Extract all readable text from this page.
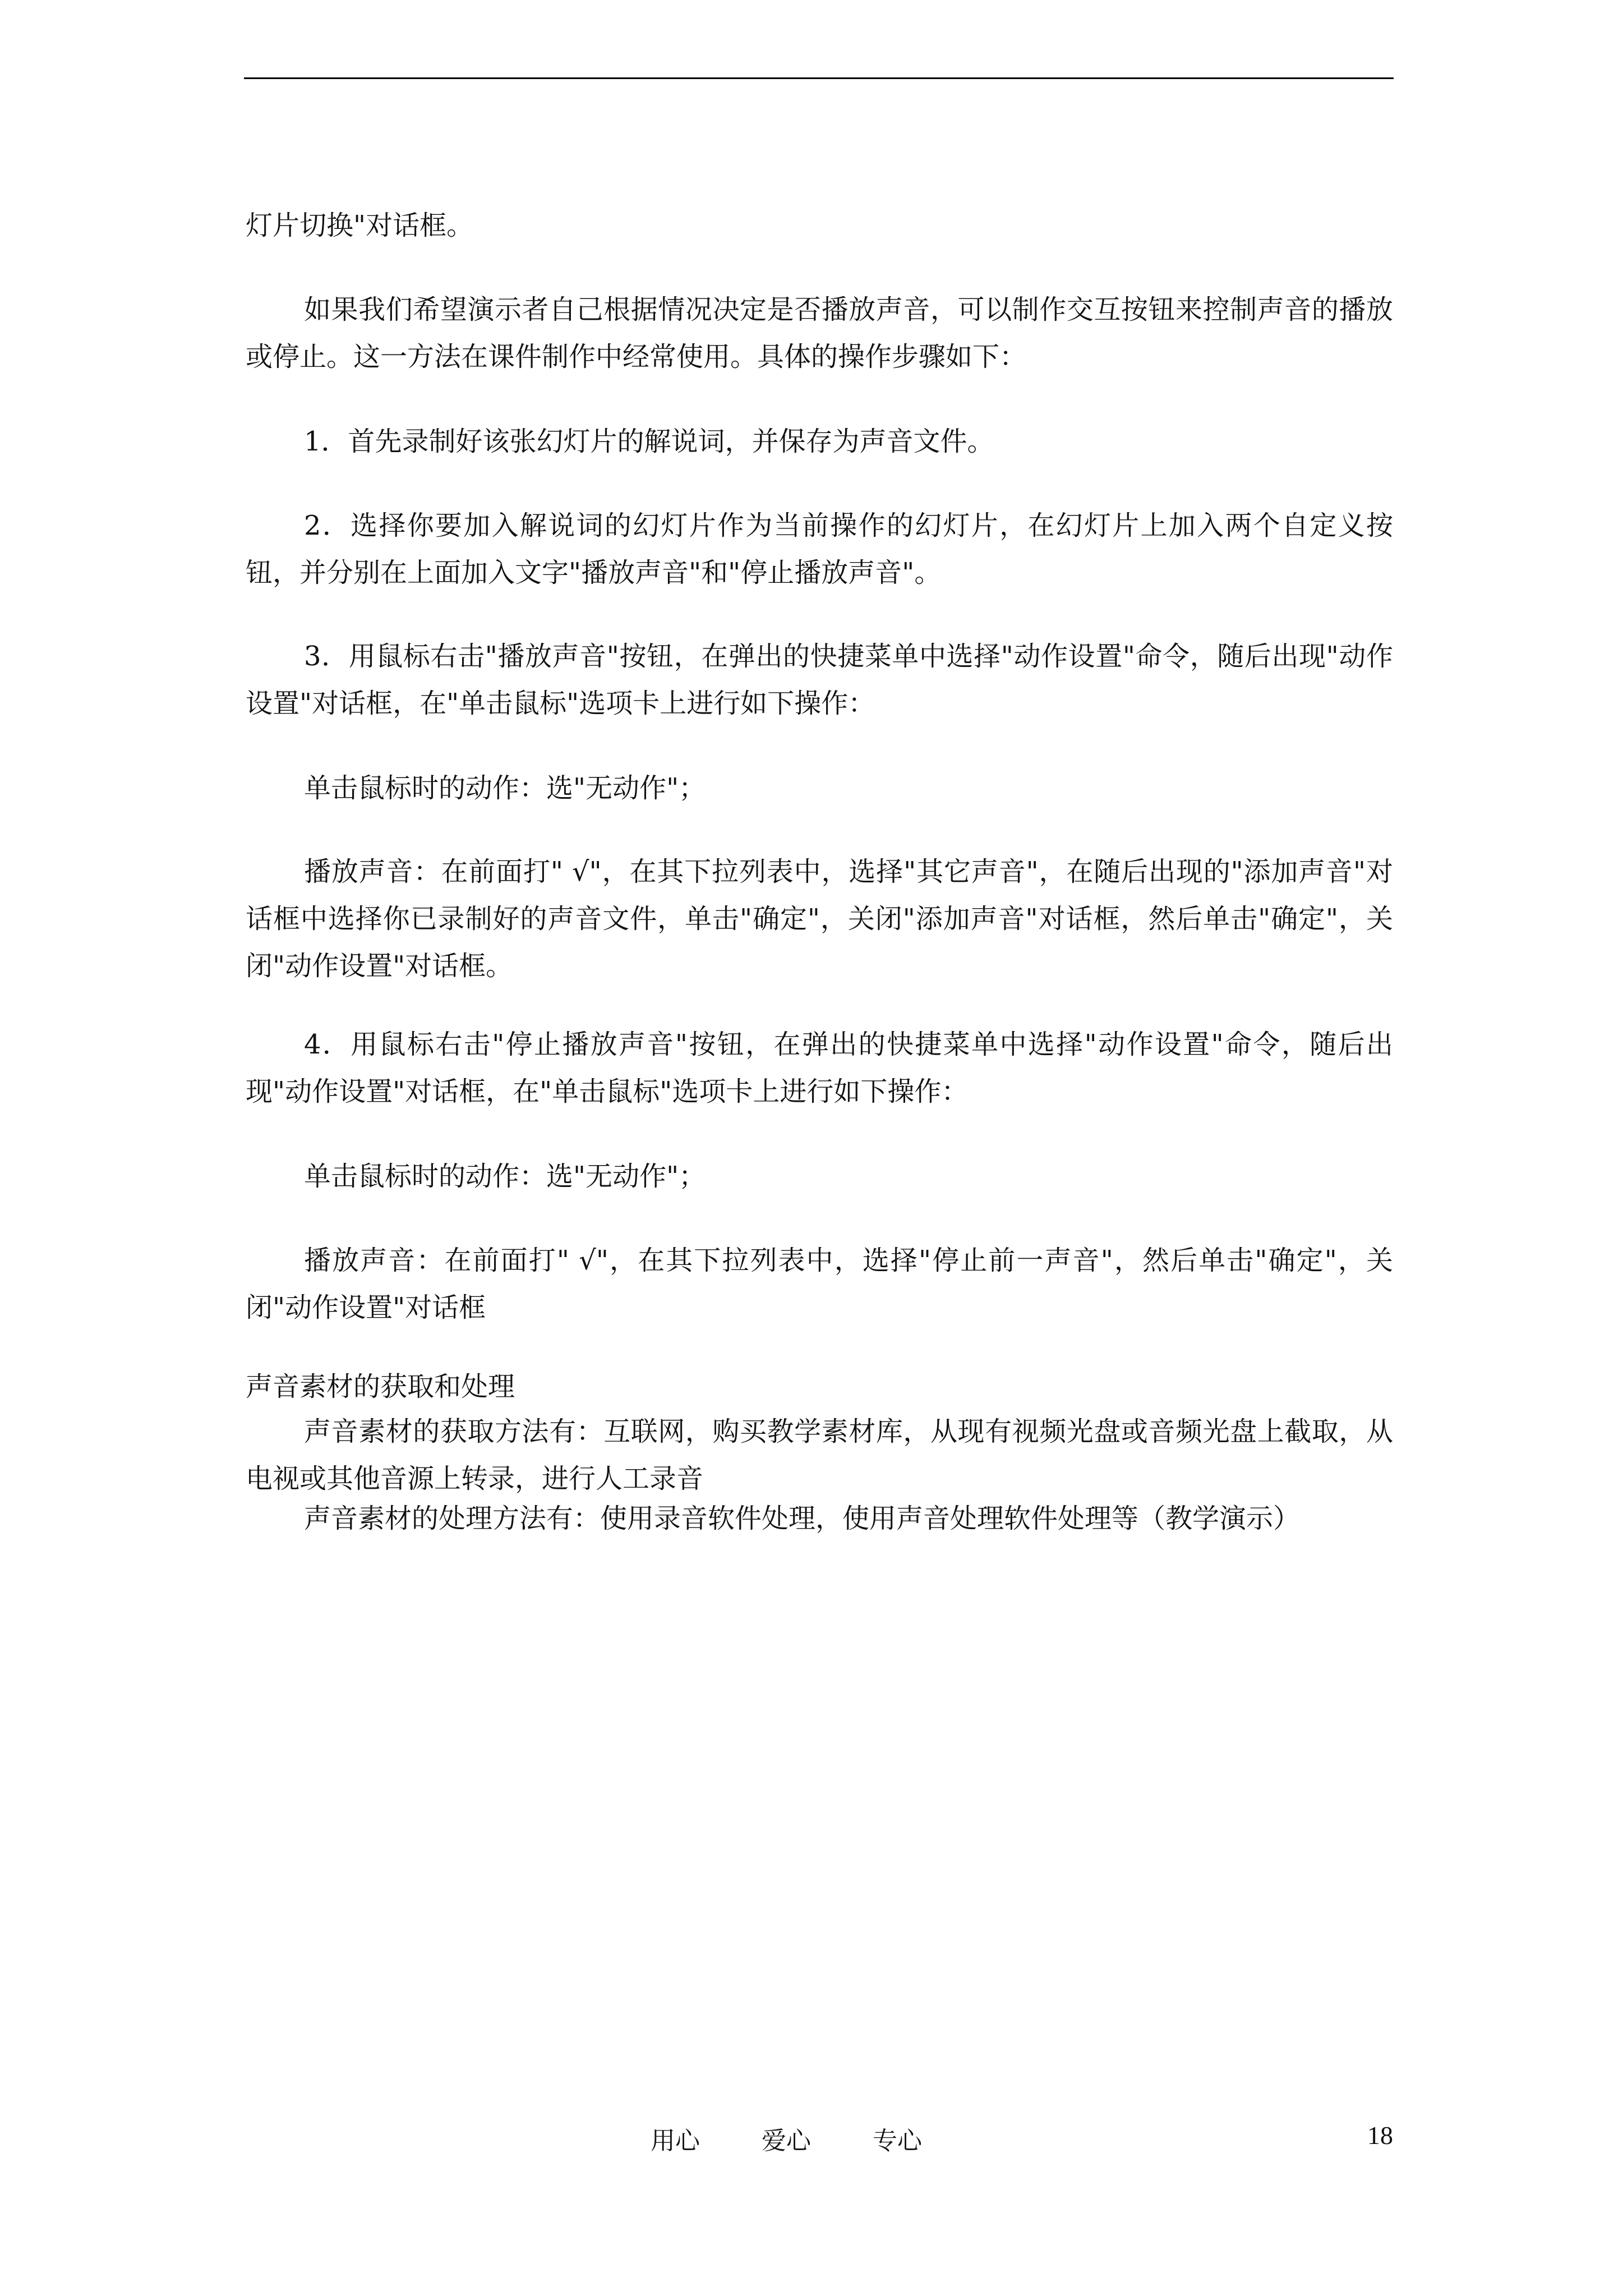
灯片切换"对话框。

如果我们希望演示者自己根据情况决定是否播放声音，可以制作交互按钮来控制声音的播放或停止。这一方法在课件制作中经常使用。具体的操作步骤如下：

1．首先录制好该张幻灯片的解说词，并保存为声音文件。

2．选择你要加入解说词的幻灯片作为当前操作的幻灯片，在幻灯片上加入两个自定义按钮，并分别在上面加入文字"播放声音"和"停止播放声音"。

3．用鼠标右击"播放声音"按钮，在弹出的快捷菜单中选择"动作设置"命令，随后出现"动作设置"对话框，在"单击鼠标"选项卡上进行如下操作：

单击鼠标时的动作：选"无动作"；

播放声音：在前面打" √"，在其下拉列表中，选择"其它声音"，在随后出现的"添加声音"对话框中选择你已录制好的声音文件，单击"确定"，关闭"添加声音"对话框，然后单击"确定"，关闭"动作设置"对话框。

4．用鼠标右击"停止播放声音"按钮，在弹出的快捷菜单中选择"动作设置"命令，随后出现"动作设置"对话框，在"单击鼠标"选项卡上进行如下操作：

单击鼠标时的动作：选"无动作"；

播放声音：在前面打" √"，在其下拉列表中，选择"停止前一声音"，然后单击"确定"，关闭"动作设置"对话框

声音素材的获取和处理

声音素材的获取方法有：互联网，购买教学素材库，从现有视频光盘或音频光盘上截取，从电视或其他音源上转录，进行人工录音

声音素材的处理方法有：使用录音软件处理，使用声音处理软件处理等（教学演示）

用心	爱心	专心	18
